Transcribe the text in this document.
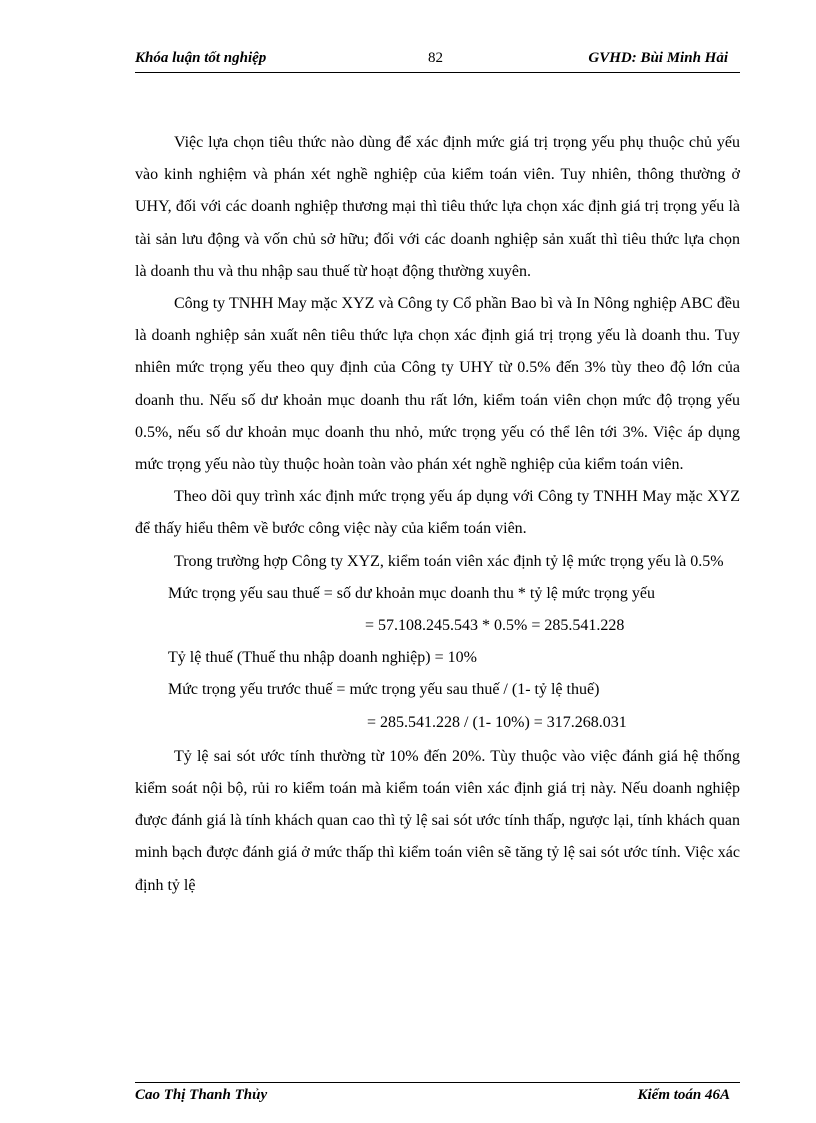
Khóa luận tốt nghiệp	82	GVHD: Bùi Minh Hải

Việc lựa chọn tiêu thức nào dùng để xác định mức giá trị trọng yếu phụ thuộc chủ yếu vào kinh nghiệm và phán xét nghề nghiệp của kiểm toán viên. Tuy nhiên, thông thường ở UHY, đối với các doanh nghiệp thương mại thì tiêu thức lựa chọn xác định giá trị trọng yếu là tài sản lưu động và vốn chủ sở hữu; đối với các doanh nghiệp sản xuất thì tiêu thức lựa chọn là doanh thu và thu nhập sau thuế từ hoạt động thường xuyên.

Công ty TNHH May mặc XYZ và Công ty Cổ phần Bao bì và In Nông nghiệp ABC đều là doanh nghiệp sản xuất nên tiêu thức lựa chọn xác định giá trị trọng yếu là doanh thu. Tuy nhiên mức trọng yếu theo quy định của Công ty UHY từ 0.5% đến 3% tùy theo độ lớn của doanh thu. Nếu số dư khoản mục doanh thu rất lớn, kiểm toán viên chọn mức độ trọng yếu 0.5%, nếu số dư khoản mục doanh thu nhỏ, mức trọng yếu có thể lên tới 3%. Việc áp dụng mức trọng yếu nào tùy thuộc hoàn toàn vào phán xét nghề nghiệp của kiểm toán viên.

Theo dõi quy trình xác định mức trọng yếu áp dụng với Công ty TNHH May mặc XYZ để thấy hiểu thêm về bước công việc này của kiểm toán viên.

Trong trường hợp Công ty XYZ, kiểm toán viên xác định tỷ lệ mức trọng yếu là 0.5%

Mức trọng yếu sau thuế = số dư khoản mục doanh thu * tỷ lệ mức trọng yếu
= 57.108.245.543 * 0.5% = 285.541.228
Tỷ lệ thuế (Thuế thu nhập doanh nghiệp) = 10%
Mức trọng yếu trước thuế = mức trọng yếu sau thuế / (1- tỷ lệ thuế)
= 285.541.228 / (1- 10%) = 317.268.031

Tỷ lệ sai sót ước tính thường từ 10% đến 20%. Tùy thuộc vào việc đánh giá hệ thống kiểm soát nội bộ, rủi ro kiểm toán mà kiểm toán viên xác định giá trị này. Nếu doanh nghiệp được đánh giá là tính khách quan cao thì tỷ lệ sai sót ước tính thấp, ngược lại, tính khách quan minh bạch được đánh giá ở mức thấp thì kiểm toán viên sẽ tăng tỷ lệ sai sót ước tính. Việc xác định tỷ lệ

Cao Thị Thanh Thủy	Kiểm toán 46A
